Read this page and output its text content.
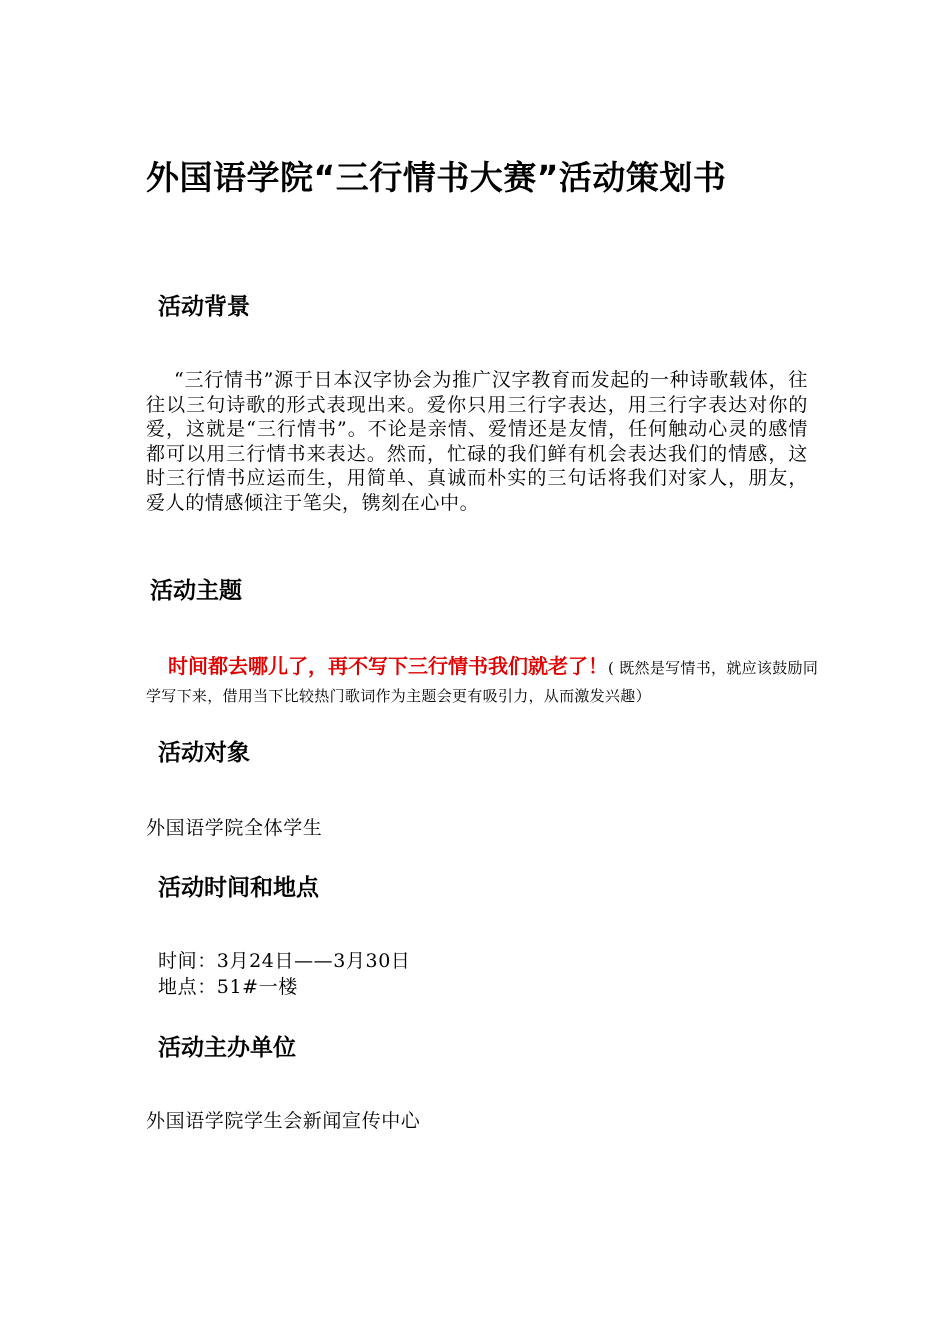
外国语学院“三行情书大赛”活动策划书
活动背景

“三行情书”源于日本汉字协会为推广汉字教育而发起的一种诗歌载体，往往以三句诗歌的形式表现出来。爱你只用三行字表达，用三行字表达对你的爱，这就是“三行情书”。不论是亲情、爱情还是友情，任何触动心灵的感情都可以用三行情书来表达。然而，忙碌的我们鲜有机会表达我们的情感，这时三行情书应运而生，用简单、真诚而朴实的三句话将我们对家人，朋友，爱人的情感倾注于笔尖，镌刻在心中。

活动主题

时间都去哪儿了，再不写下三行情书我们就老了！( 既然是写情书，就应该鼓励同学写下来，借用当下比较热门歌词作为主题会更有吸引力，从而激发兴趣）

活动对象

外国语学院全体学生

活动时间和地点

时间：3月24日——3月30日

地点：51#一楼

活动主办单位

外国语学院学生会新闻宣传中心
